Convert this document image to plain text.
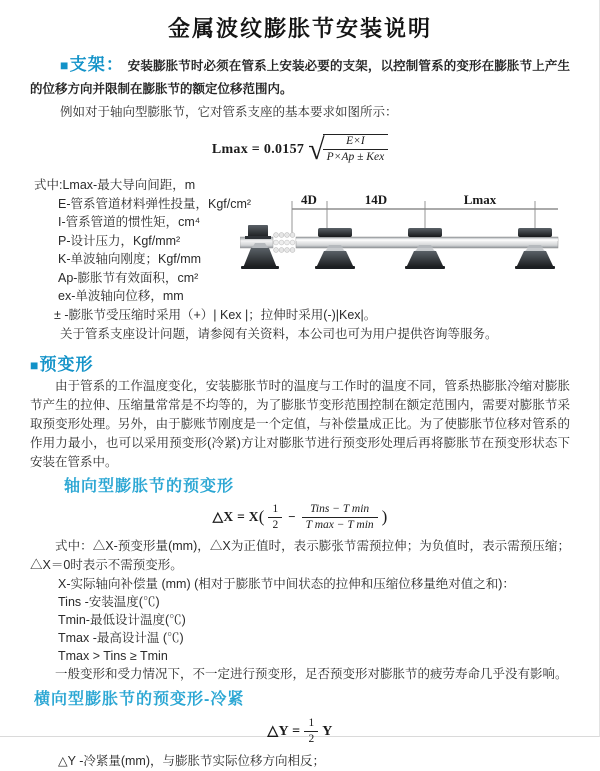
金属波纹膨胀节安装说明

■支架： 安装膨胀节时必须在管系上安装必要的支架，以控制管系的变形在膨胀节上产生的位移方向并限制在膨胀节的额定位移范围内。

例如对于轴向型膨胀节，它对管系支座的基本要求如图所示：

Lmax = 0.0157 √ $\frac{E\times I}{\text{P×Ap ± Kex}}$
式中:Lmax-最大导向间距，m
E-管系管道材料弹性投量，Kgf/cm²
I-管系管道的惯性矩，cm⁴
P-设计压力，Kgf/mm²
K-单波轴向刚度；Kgf/mm
Ap-膨胀节有效面积，cm²
ex-单波轴向位移，mm
± -膨胀节受压缩时采用（+）| Kex |；拉伸时采用(-)|Kex|。
关于管系支座设计问题，请参阅有关资料，本公司也可为用户提供咨询等服务。
4D	14D	Lmax

■预变形

由于管系的工作温度变化，安装膨胀节时的温度与工作时的温度不同，管系热膨胀冷缩对膨胀节产生的拉伸、压缩量常常是不均等的，为了膨胀节变形范围控制在额定范围内，需要对膨胀节采取预变形处理。另外，由于膨账节刚度是一个定值，与补偿量成正比。为了使膨胀节位移对管系的作用力最小，也可以采用预变形(冷紧)方让对膨胀节进行预变形处理后再将膨胀节在预变形状态下安装在管系中。

轴向型膨胀节的预变形
△X = $X( \frac{1}{2} - \frac{\text{Tins − T min}}{\text{T max − T min}}$ )

式中：△X-预变形量(mm)，△X为正值时，表示膨张节需预拉伸；为负值时，表示需预压缩；△X＝0时表示不需预变形。

X-实际轴向补偿量 (mm) (相对于膨胀节中间状态的拉伸和压缩位移量绝对值之和)：
Tins -安装温度(℃)
Tmin-最低设计温度(℃)
Tmax -最高设计温 (℃)
Tmax > Tins ≥ Tmin

一般变形和受力情况下，不一定进行预变形，足否预变形对膨胀节的疲劳寿命几乎没有影响。

横向型膨胀节的预变形-冷紧
△Y = $\frac{1}{2}$ Y
△Y -冷紧量(mm)，与膨胀节实际位移方向相反；
